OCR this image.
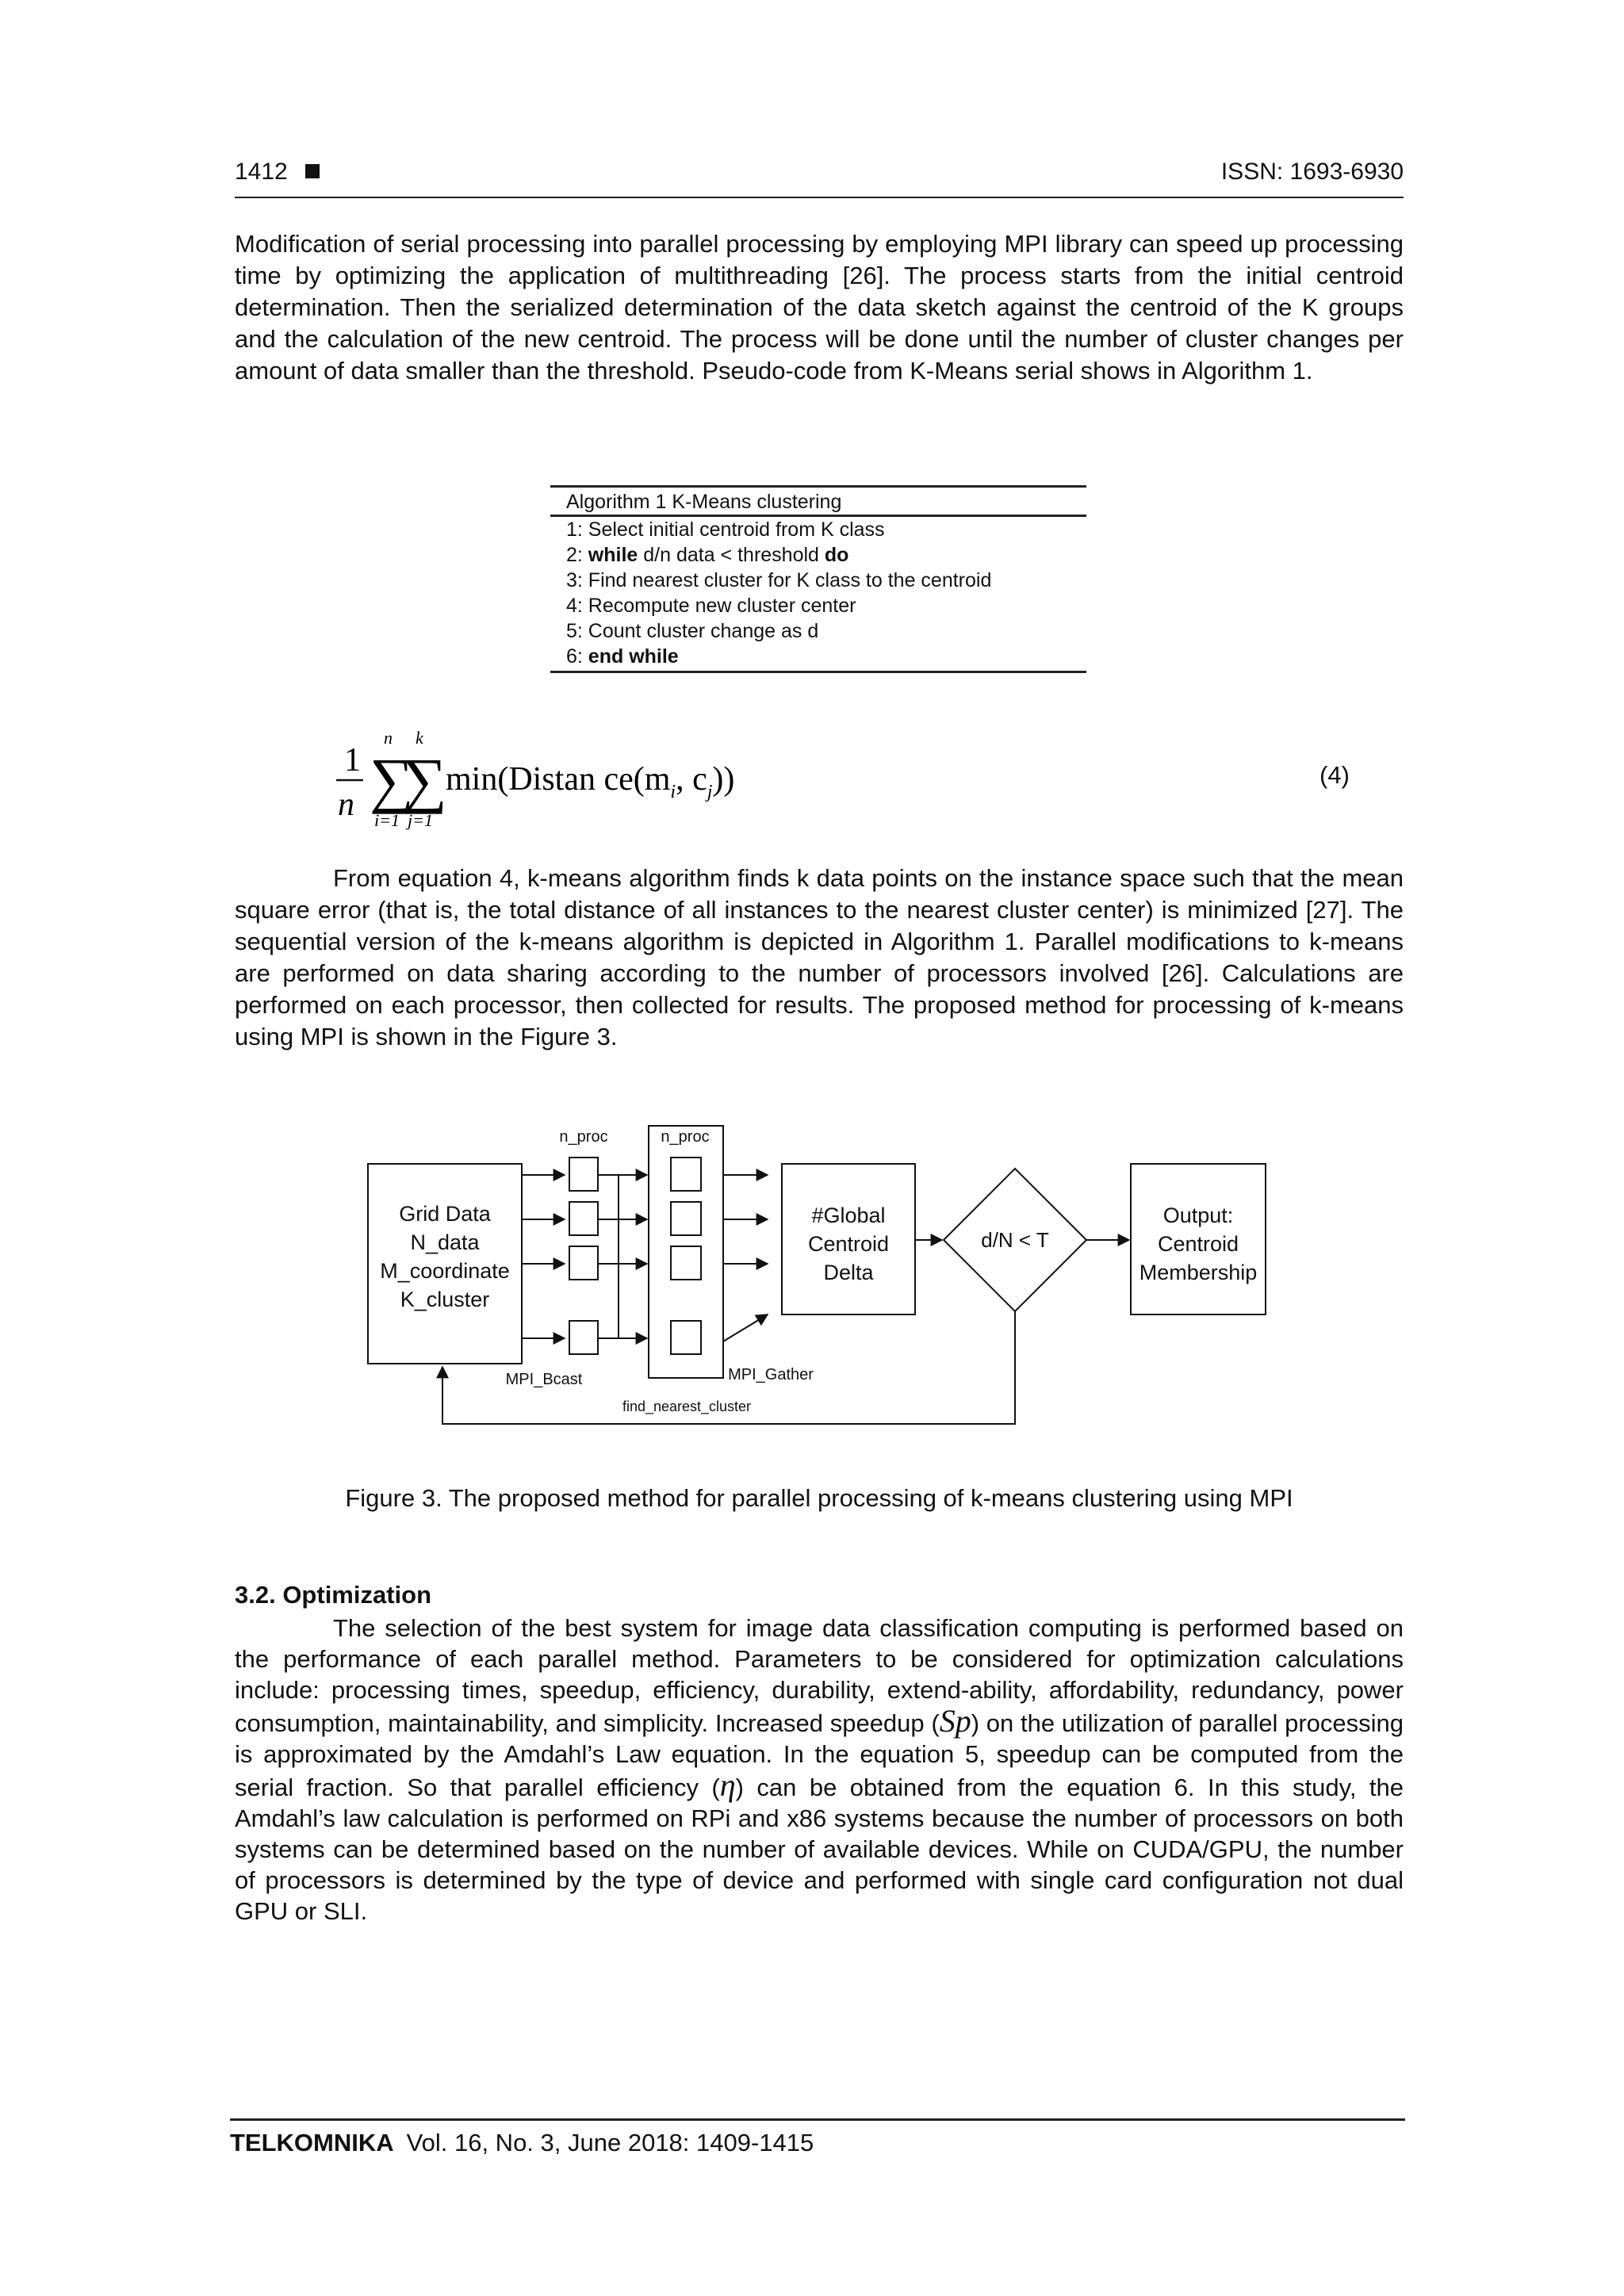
1412	ISSN: 1693-6930

Modification of serial processing into parallel processing by employing MPI library can speed up processing time by optimizing the application of multithreading [26]. The process starts from the initial centroid determination. Then the serialized determination of the data sketch against the centroid of the K groups and the calculation of the new centroid. The process will be done until the number of cluster changes per amount of data smaller than the threshold. Pseudo-code from K-Means serial shows in Algorithm 1.

Algorithm 1 K-Means clustering
1: Select initial centroid from K class
2: while d/n data < threshold do
3: Find nearest cluster for K class to the centroid
4: Recompute new cluster center
5: Count cluster change as d
6: end while
1
n
n
∑
i=1
k
∑
j=1
min(Distan $ce(m_i$, $c_j$))	(4)

From equation 4, k-means algorithm finds k data points on the instance space such that the mean square error (that is, the total distance of all instances to the nearest cluster center) is minimized [27]. The sequential version of the k-means algorithm is depicted in Algorithm 1. Parallel modifications to k-means are performed on data sharing according to the number of processors involved [26]. Calculations are performed on each processor, then collected for results. The proposed method for processing of k-means using MPI is shown in the Figure 3.

Grid Data
N_data
M_coordinate
K_cluster
n_proc	n_proc
#Global
Centroid
Delta
d/N < T
Output:
Centroid
Membership
MPI_Bcast	MPI_Gather
find_nearest_cluster
Figure 3. The proposed method for parallel processing of k-means clustering using MPI
3.2. Optimization

The selection of the best system for image data classification computing is performed based on the performance of each parallel method. Parameters to be considered for optimization calculations include: processing times, speedup, efficiency, durability, extend-ability, affordability, redundancy, power consumption, maintainability, and simplicity. Increased speedup (Sp) on the utilization of parallel processing is approximated by the Amdahl’s Law equation. In the equation 5, speedup can be computed from the serial fraction. So that parallel efficiency (η) can be obtained from the equation 6. In this study, the Amdahl’s law calculation is performed on RPi and x86 systems because the number of processors on both systems can be determined based on the number of available devices. While on CUDA/GPU, the number of processors is determined by the type of device and performed with single card configuration not dual GPU or SLI.

TELKOMNIKA Vol. 16, No. 3, June 2018: 1409-1415
